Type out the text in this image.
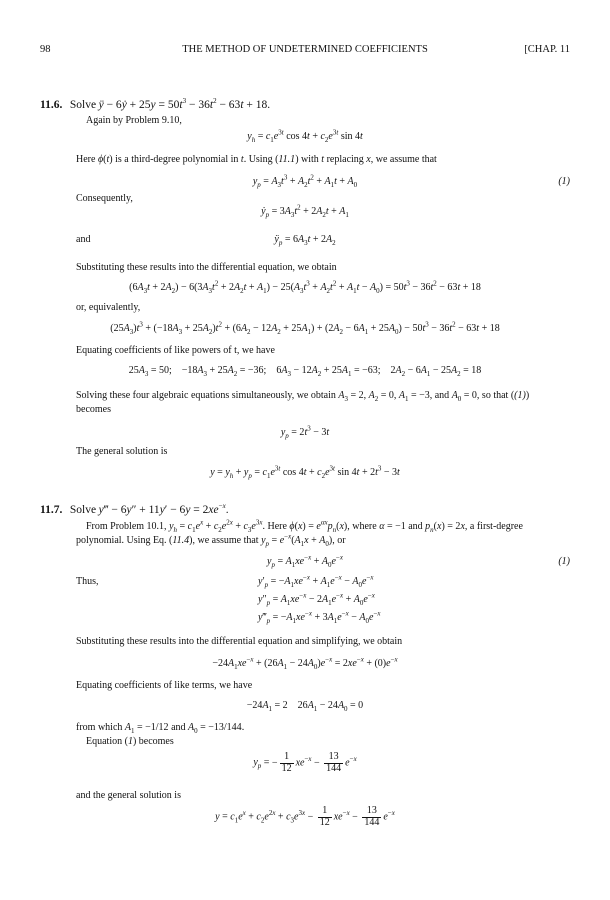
98	THE METHOD OF UNDETERMINED COEFFICIENTS	[CHAP. 11
11.6. Solve ÿ − 6ẏ + $25y = 50t^3 - 36t^2 - 63t + 18$.
Again by Problem 9.10,
$y_h = c_1e^{3t}$ $\cos 4t + c_2e^{3t}$ sin 4t
Here ϕ(t) is a third-degree polynomial in t. Using (11.1) with t replacing x, we assume that
$y_p = A_3t^3 + A_2t^2 + A_1t + A_0$	(1)
Consequently,
ẏ$_p$ = $3A_3t^2 + 2A_2t + A_1$
and	$ÿ_p = 6A_3t + 2A_2$
Substituting these results into the differential equation, we obtain
$(6A_3t + 2A_2) - 6(3A_3t^2 + 2A_2t + A_1) - 25(A_3t^3 + A_2t^2 + A_1t - A_0) = 50t^3 - 36t^2 - 63t + 18$
or, equivalently,
$(25A_3)t^3 + (-18A_3 + 25A_2)t^2 + (6A_2 - 12A_2 + 25A_1) + (2A_2 - 6A_1 + 25A_0) - 50t^3 - 36t^2 - 63t + 18$
Equating coefficients of like powers of t, we have
$25A_3 = 50$;    $-18A_3 + 25A_2 = -36$;    $6A_3 - 12A_2 + 25A_1 = -63$;    $2A_2 - 6A_1 - 25A_2 = 18$
Solving these four algebraic equations simultaneously, we obtain $A_3 = 2$, $A_2 = 0$, $A_1 = -3$, and $A_0 = 0$, so that ((1))
becomes
$y_p = 2t^3 - 3t$
The general solution is
$y = y_h + y_p = c_1e^{3t}$ $\cos 4t + c_2e^{3t}$ $\sin 4t + 2t^3 - 3t$
11.7. Solve y‴ − $6y'' + 11y' - 6y = 2xe^{-x}$.
From Problem 10.1, $y_h = c_1e^x + c_2e^{2x} + c_3e^{3x}$. Here $\phi(x) = e^{\alpha x}p_n(x)$, where α = −1 and $p_n(x) = 2x$, a first-degree
polynomial. Using Eq. (11.4), we assume that $y_p = e^{-x}(A_1x + A_0)$, or
$y_p = A_1xe^{-x} + A_0e^{-x}$	(1)
Thus,	$y'_p = -A_1xe^{-x} + A_1e^{-x} - A_0e^{-x}$
$y''_p = A_1xe^{-x} - 2A_1e^{-x} + A_0e^{-x}$
$y‴_p = -A_1xe^{-x} + 3A_1e^{-x} - A_0e^{-x}$
Substituting these results into the differential equation and simplifying, we obtain
$-24A_1xe^{-x} + (26A_1 - 24A_0)e^{-x} = 2xe^{-x} + (0)e^{-x}$
Equating coefficients of like terms, we have
$-24A_1 = 2$    $26A_1 - 24A_0 = 0$
from which $A_1 = -1/12$ and $A_0 = -13/144$.
Equation (1) becomes
$y_p$ = − $\frac{1}{12} xe^{-x} - \frac{13}{144} e^{-x}$
and the general solution is
$y = c_1e^x + c_2e^{2x} + c_3e^{3x} - \frac{1}{12} xe^{-x} - \frac{13}{144} e^{-x}$
